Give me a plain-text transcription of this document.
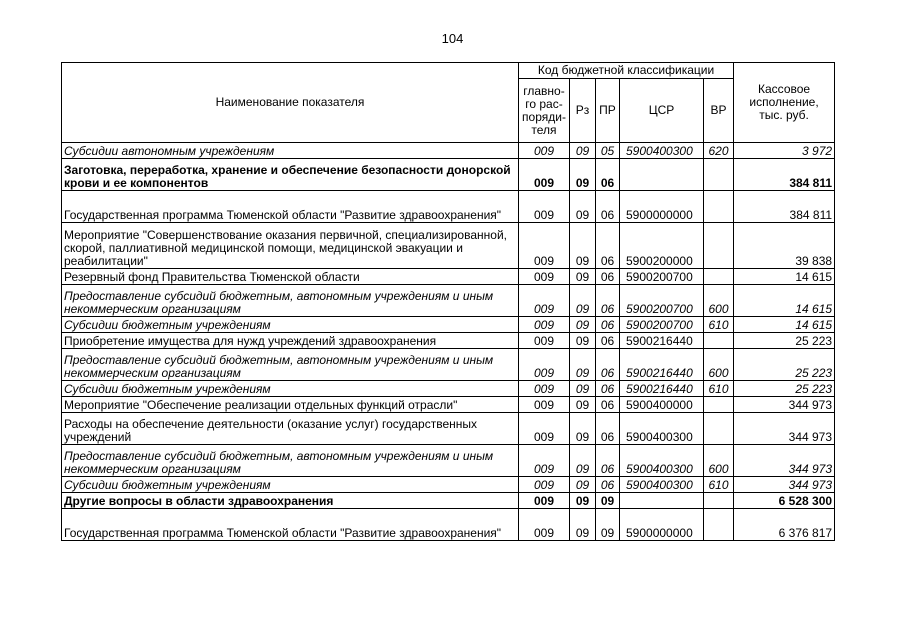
104
Наименование показателя	Код бюджетной классификации					Кассовое исполнение, тыс. руб.
	главно-
го рас-
поряди-
теля	Рз	ПР	ЦСР	ВР	
Субсидии автономным учреждениям	009	09	05	5900400300	620	3 972
Заготовка, переработка, хранение и обеспечение безопасности донорской крови и ее компонентов	009	09	06			384 811
Государственная программа Тюменской области "Развитие здравоохранения"	009	09	06	5900000000		384 811
Мероприятие "Совершенствование оказания первичной, специализированной, скорой, паллиативной медицинской помощи, медицинской эвакуации и реабилитации"	009	09	06	5900200000		39 838
Резервный фонд Правительства Тюменской области	009	09	06	5900200700		14 615
Предоставление субсидий бюджетным, автономным учреждениям и иным некоммерческим организациям	009	09	06	5900200700	600	14 615
Субсидии бюджетным учреждениям	009	09	06	5900200700	610	14 615
Приобретение имущества для нужд учреждений здравоохранения	009	09	06	5900216440		25 223
Предоставление субсидий бюджетным, автономным учреждениям и иным некоммерческим организациям	009	09	06	5900216440	600	25 223
Субсидии бюджетным учреждениям	009	09	06	5900216440	610	25 223
Мероприятие "Обеспечение реализации отдельных функций отрасли"	009	09	06	5900400000		344 973
Расходы на обеспечение деятельности (оказание услуг) государственных учреждений	009	09	06	5900400300		344 973
Предоставление субсидий бюджетным, автономным учреждениям и иным некоммерческим организациям	009	09	06	5900400300	600	344 973
Субсидии бюджетным учреждениям	009	09	06	5900400300	610	344 973
Другие вопросы в области здравоохранения	009	09	09			6 528 300
Государственная программа Тюменской области "Развитие здравоохранения"	009	09	09	5900000000		6 376 817
